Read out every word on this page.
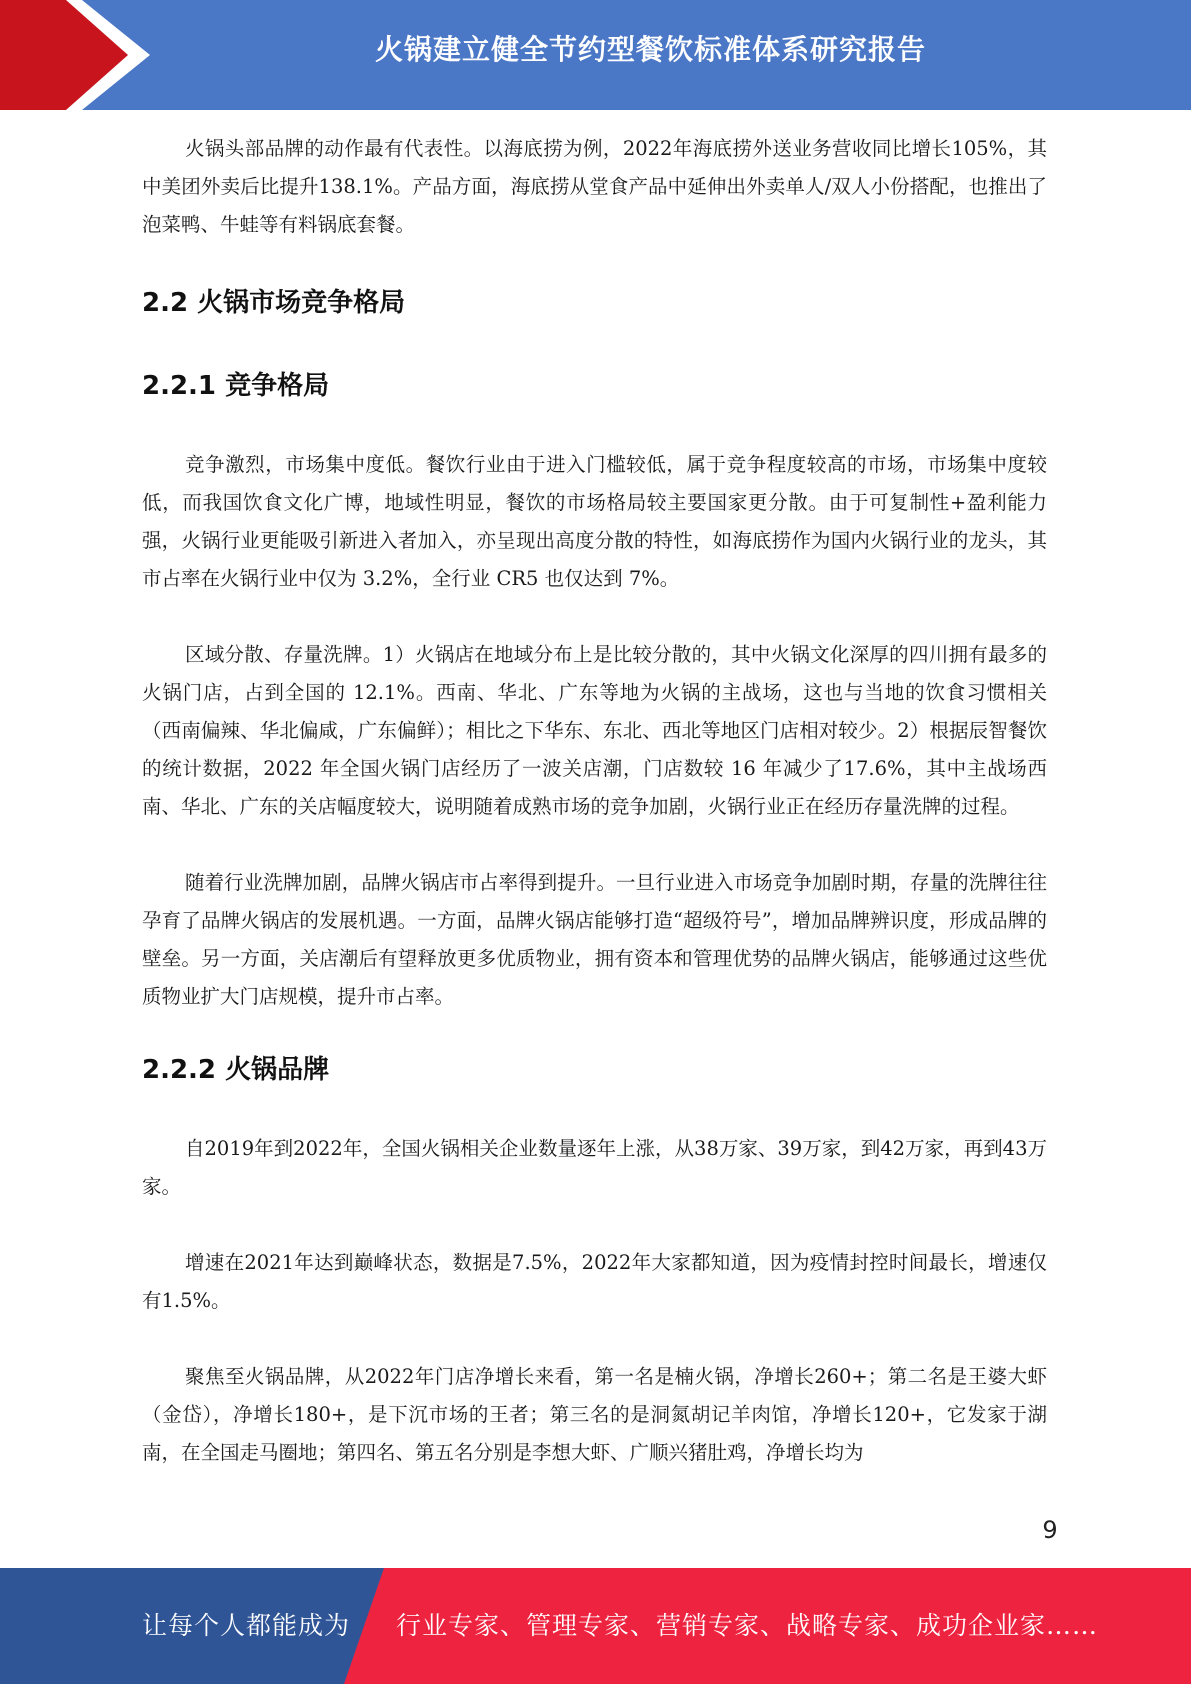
火锅建立健全节约型餐饮标准体系研究报告

火锅头部品牌的动作最有代表性。以海底捞为例，2022年海底捞外送业务营收同比增长105%，其中美团外卖后比提升138.1%。产品方面，海底捞从堂食产品中延伸出外卖单人/双人小份搭配，也推出了泡菜鸭、牛蛙等有料锅底套餐。

2.2 火锅市场竞争格局
2.2.1 竞争格局

竞争激烈，市场集中度低。餐饮行业由于进入门槛较低，属于竞争程度较高的市场，市场集中度较低，而我国饮食文化广博，地域性明显，餐饮的市场格局较主要国家更分散。由于可复制性+盈利能力强，火锅行业更能吸引新进入者加入，亦呈现出高度分散的特性，如海底捞作为国内火锅行业的龙头，其市占率在火锅行业中仅为 3.2%，全行业 CR5 也仅达到 7%。

区域分散、存量洗牌。1）火锅店在地域分布上是比较分散的，其中火锅文化深厚的四川拥有最多的火锅门店，占到全国的 12.1%。西南、华北、广东等地为火锅的主战场，这也与当地的饮食习惯相关（西南偏辣、华北偏咸，广东偏鲜）；相比之下华东、东北、西北等地区门店相对较少。2）根据辰智餐饮的统计数据，2022 年全国火锅门店经历了一波关店潮，门店数较 16 年减少了17.6%，其中主战场西南、华北、广东的关店幅度较大，说明随着成熟市场的竞争加剧，火锅行业正在经历存量洗牌的过程。

随着行业洗牌加剧，品牌火锅店市占率得到提升。一旦行业进入市场竞争加剧时期，存量的洗牌往往孕育了品牌火锅店的发展机遇。一方面，品牌火锅店能够打造“超级符号”，增加品牌辨识度，形成品牌的壁垒。另一方面，关店潮后有望释放更多优质物业，拥有资本和管理优势的品牌火锅店，能够通过这些优质物业扩大门店规模，提升市占率。

2.2.2 火锅品牌

自2019年到2022年，全国火锅相关企业数量逐年上涨，从38万家、39万家，到42万家，再到43万家。

增速在2021年达到巅峰状态，数据是7.5%，2022年大家都知道，因为疫情封控时间最长，增速仅有1.5%。

聚焦至火锅品牌，从2022年门店净增长来看，第一名是楠火锅，净增长260+；第二名是王婆大虾（金岱），净增长180+，是下沉市场的王者；第三名的是洞氮胡记羊肉馆，净增长120+，它发家于湖南，在全国走马圈地；第四名、第五名分别是李想大虾、广顺兴猪肚鸡，净增长均为

9
让每个人都能成为 行业专家、管理专家、营销专家、战略专家、成功企业家……
